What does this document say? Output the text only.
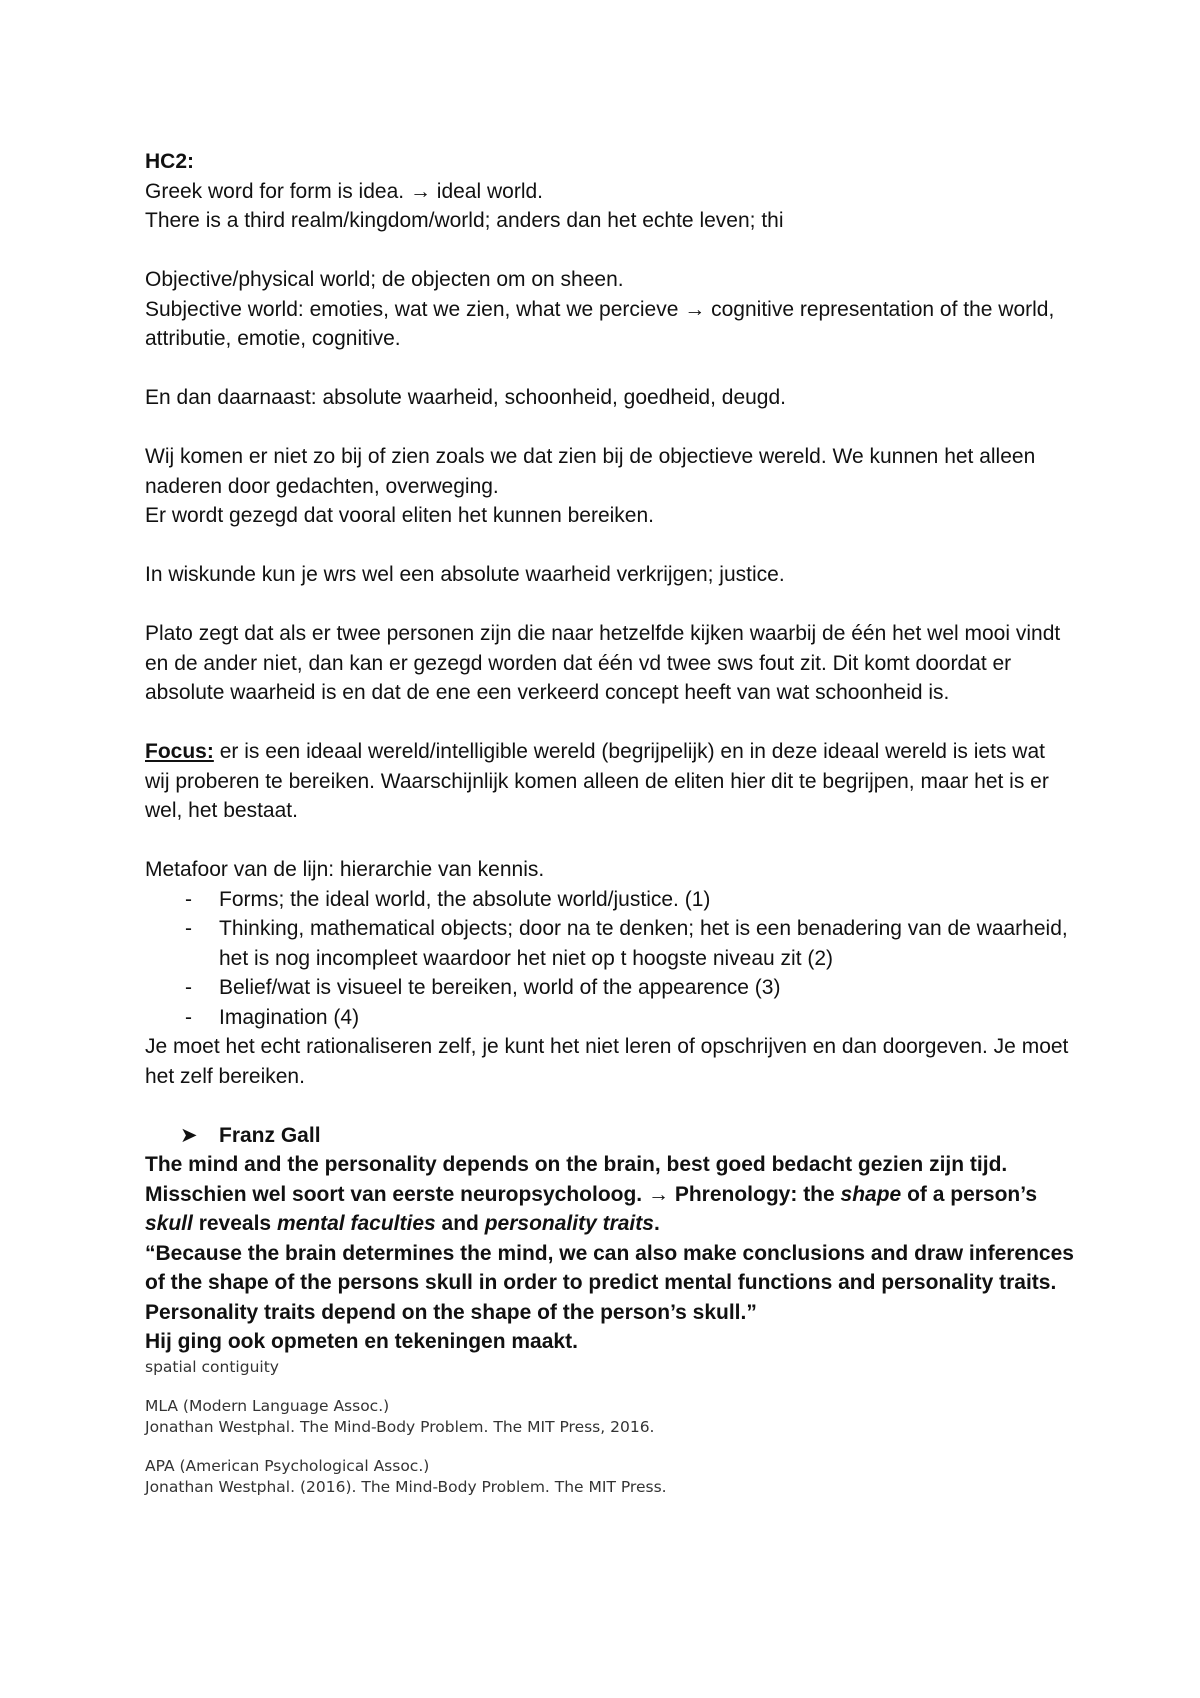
HC2:

Greek word for form is idea. → ideal world.

There is a third realm/kingdom/world; anders dan het echte leven; thi

Objective/physical world; de objecten om on sheen.

Subjective world: emoties, wat we zien, what we percieve → cognitive representation of the world, attributie, emotie, cognitive.

En dan daarnaast: absolute waarheid, schoonheid, goedheid, deugd.

Wij komen er niet zo bij of zien zoals we dat zien bij de objectieve wereld. We kunnen het alleen naderen door gedachten, overweging.

Er wordt gezegd dat vooral eliten het kunnen bereiken.

In wiskunde kun je wrs wel een absolute waarheid verkrijgen; justice.

Plato zegt dat als er twee personen zijn die naar hetzelfde kijken waarbij de één het wel mooi vindt en de ander niet, dan kan er gezegd worden dat één vd twee sws fout zit. Dit komt doordat er absolute waarheid is en dat de ene een verkeerd concept heeft van wat schoonheid is.

Focus: er is een ideaal wereld/intelligible wereld (begrijpelijk) en in deze ideaal wereld is iets wat wij proberen te bereiken. Waarschijnlijk komen alleen de eliten hier dit te begrijpen, maar het is er wel, het bestaat.

Metafoor van de lijn: hierarchie van kennis.

- Forms; the ideal world, the absolute world/justice. (1)
- Thinking, mathematical objects; door na te denken; het is een benadering van de waarheid, het is nog incompleet waardoor het niet op t hoogste niveau zit (2)
- Belief/wat is visueel te bereiken, world of the appearence (3)
- Imagination (4)

Je moet het echt rationaliseren zelf, je kunt het niet leren of opschrijven en dan doorgeven. Je moet het zelf bereiken.

➤ Franz Gall

The mind and the personality depends on the brain, best goed bedacht gezien zijn tijd.

Misschien wel soort van eerste neuropsycholoog. → Phrenology: the shape of a person’s skull reveals mental faculties and personality traits.

“Because the brain determines the mind, we can also make conclusions and draw inferences of the shape of the persons skull in order to predict mental functions and personality traits. Personality traits depend on the shape of the person’s skull.”

Hij ging ook opmeten en tekeningen maakt.

spatial contiguity

MLA (Modern Language Assoc.)

Jonathan Westphal. The Mind-Body Problem. The MIT Press, 2016.

APA (American Psychological Assoc.)

Jonathan Westphal. (2016). The Mind-Body Problem. The MIT Press.
